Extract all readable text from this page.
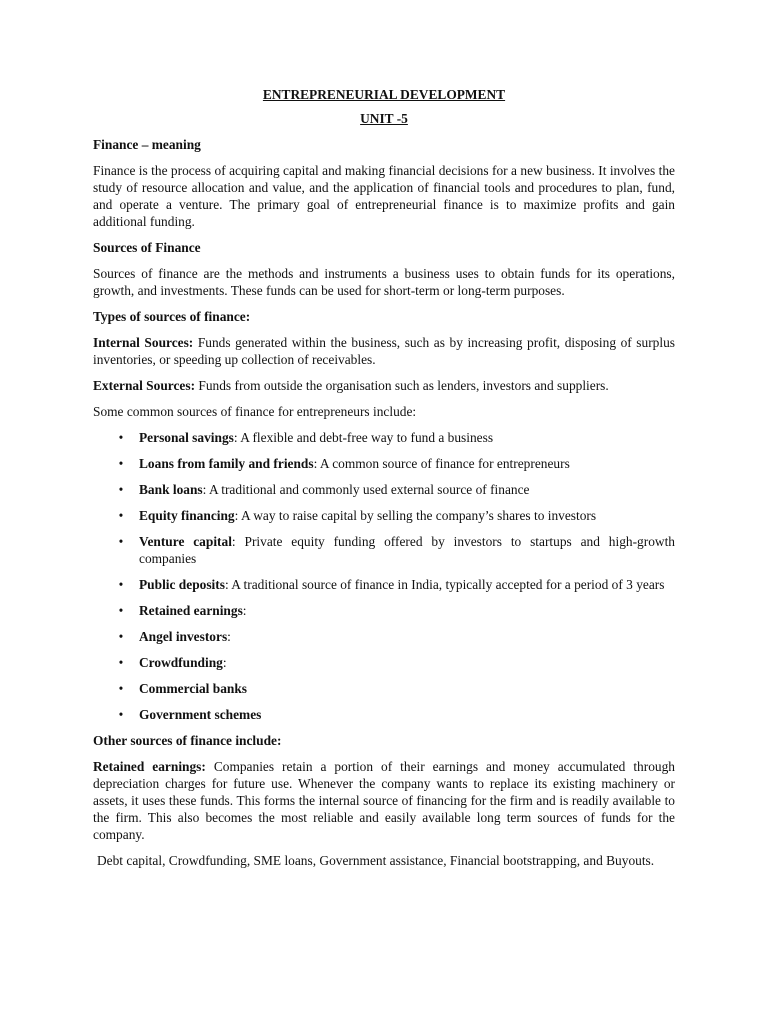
ENTREPRENEURIAL DEVELOPMENT

UNIT -5

Finance – meaning

Finance is the process of acquiring capital and making financial decisions for a new business. It involves the study of resource allocation and value, and the application of financial tools and procedures to plan, fund, and operate a venture. The primary goal of entrepreneurial finance is to maximize profits and gain additional funding.

Sources of Finance

Sources of finance are the methods and instruments a business uses to obtain funds for its operations, growth, and investments. These funds can be used for short-term or long-term purposes.

Types of sources of finance:

Internal Sources: Funds generated within the business, such as by increasing profit, disposing of surplus inventories, or speeding up collection of receivables.

External Sources: Funds from outside the organisation such as lenders, investors and suppliers.

Some common sources of finance for entrepreneurs include:

• Personal savings: A flexible and debt-free way to fund a business
• Loans from family and friends: A common source of finance for entrepreneurs
• Bank loans: A traditional and commonly used external source of finance
• Equity financing: A way to raise capital by selling the company’s shares to investors
• Venture capital: Private equity funding offered by investors to startups and high-growth companies
• Public deposits: A traditional source of finance in India, typically accepted for a period of 3 years
• Retained earnings:
• Angel investors:
• Crowdfunding:
• Commercial banks
• Government schemes

Other sources of finance include:

Retained earnings: Companies retain a portion of their earnings and money accumulated through depreciation charges for future use. Whenever the company wants to replace its existing machinery or assets, it uses these funds. This forms the internal source of financing for the firm and is readily available to the firm. This also becomes the most reliable and easily available long term sources of funds for the company.

Debt capital, Crowdfunding, SME loans, Government assistance, Financial bootstrapping, and Buyouts.
